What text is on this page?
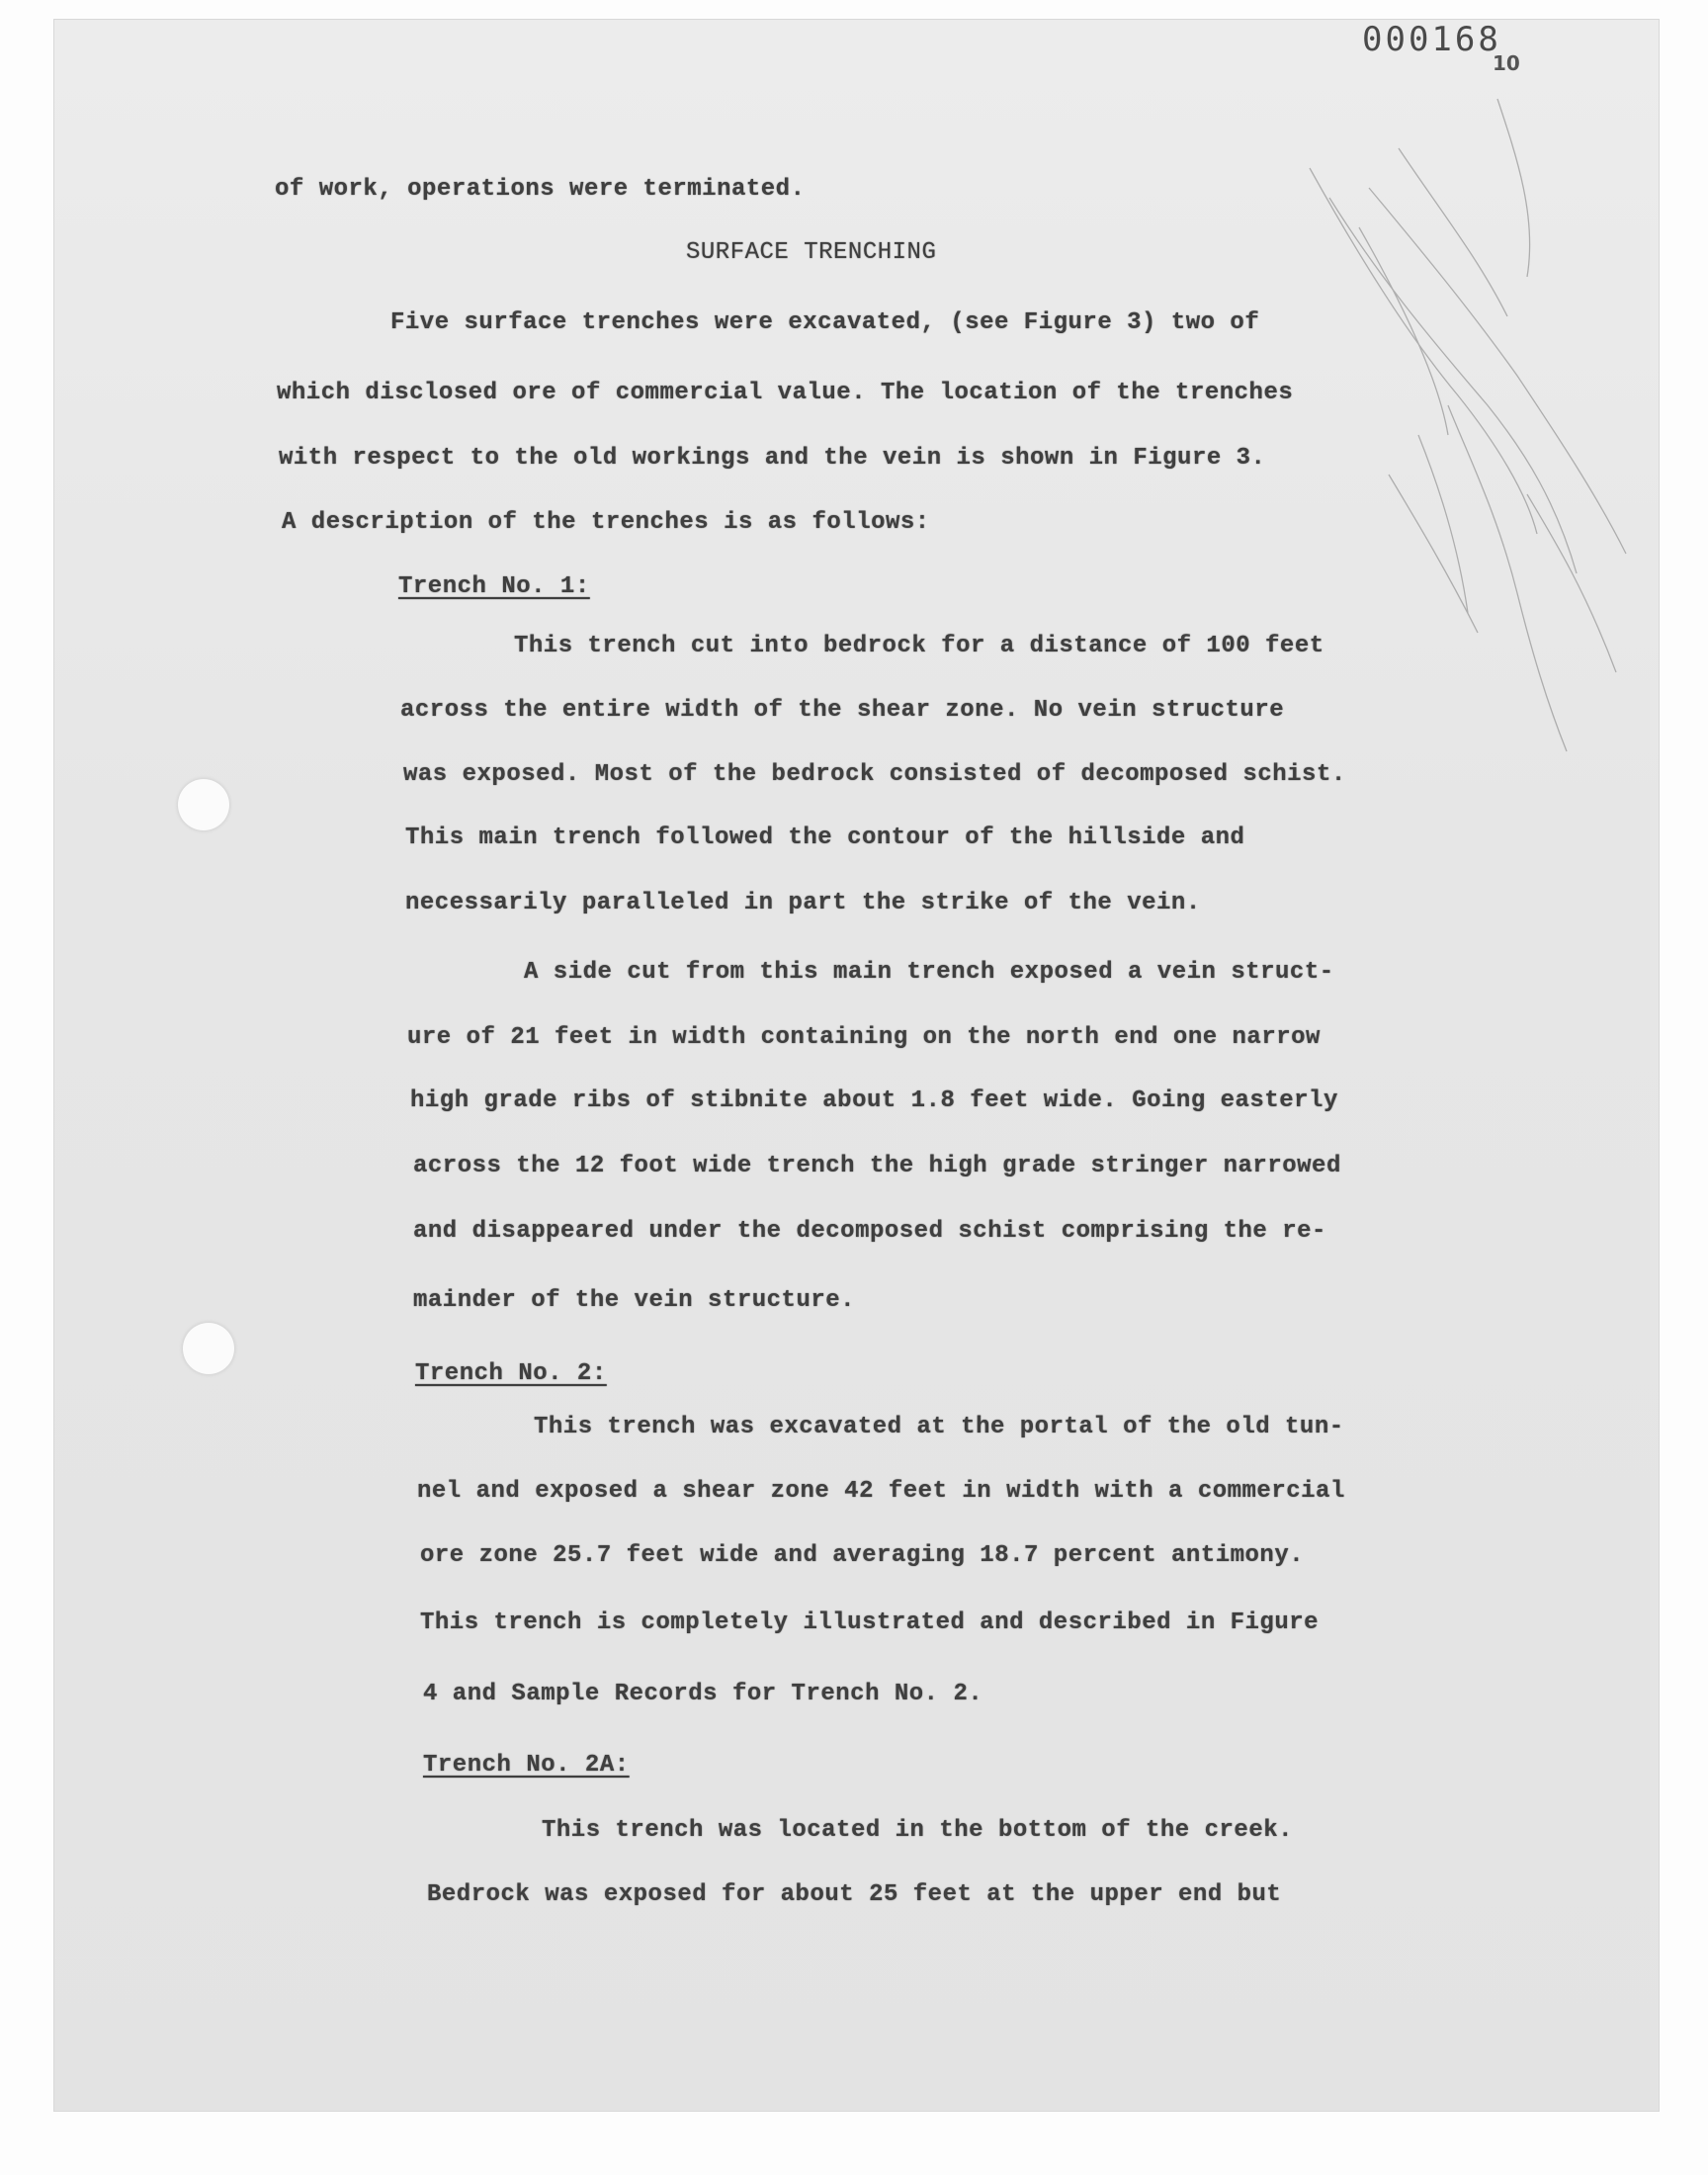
000168
10
of work, operations were terminated.
SURFACE TRENCHING
Five surface trenches were excavated, (see Figure 3) two of
which disclosed ore of commercial value. The location of the trenches
with respect to the old workings and the vein is shown in Figure 3.
A description of the trenches is as follows:
Trench No. 1:
This trench cut into bedrock for a distance of 100 feet
across the entire width of the shear zone. No vein structure
was exposed. Most of the bedrock consisted of decomposed schist.
This main trench followed the contour of the hillside and
necessarily paralleled in part the strike of the vein.
A side cut from this main trench exposed a vein struct-
ure of 21 feet in width containing on the north end one narrow
high grade ribs of stibnite about 1.8 feet wide. Going easterly
across the 12 foot wide trench the high grade stringer narrowed
and disappeared under the decomposed schist comprising the re-
mainder of the vein structure.
Trench No. 2:
This trench was excavated at the portal of the old tun-
nel and exposed a shear zone 42 feet in width with a commercial
ore zone 25.7 feet wide and averaging 18.7 percent antimony.
This trench is completely illustrated and described in Figure
4 and Sample Records for Trench No. 2.
Trench No. 2A:
This trench was located in the bottom of the creek.
Bedrock was exposed for about 25 feet at the upper end but
